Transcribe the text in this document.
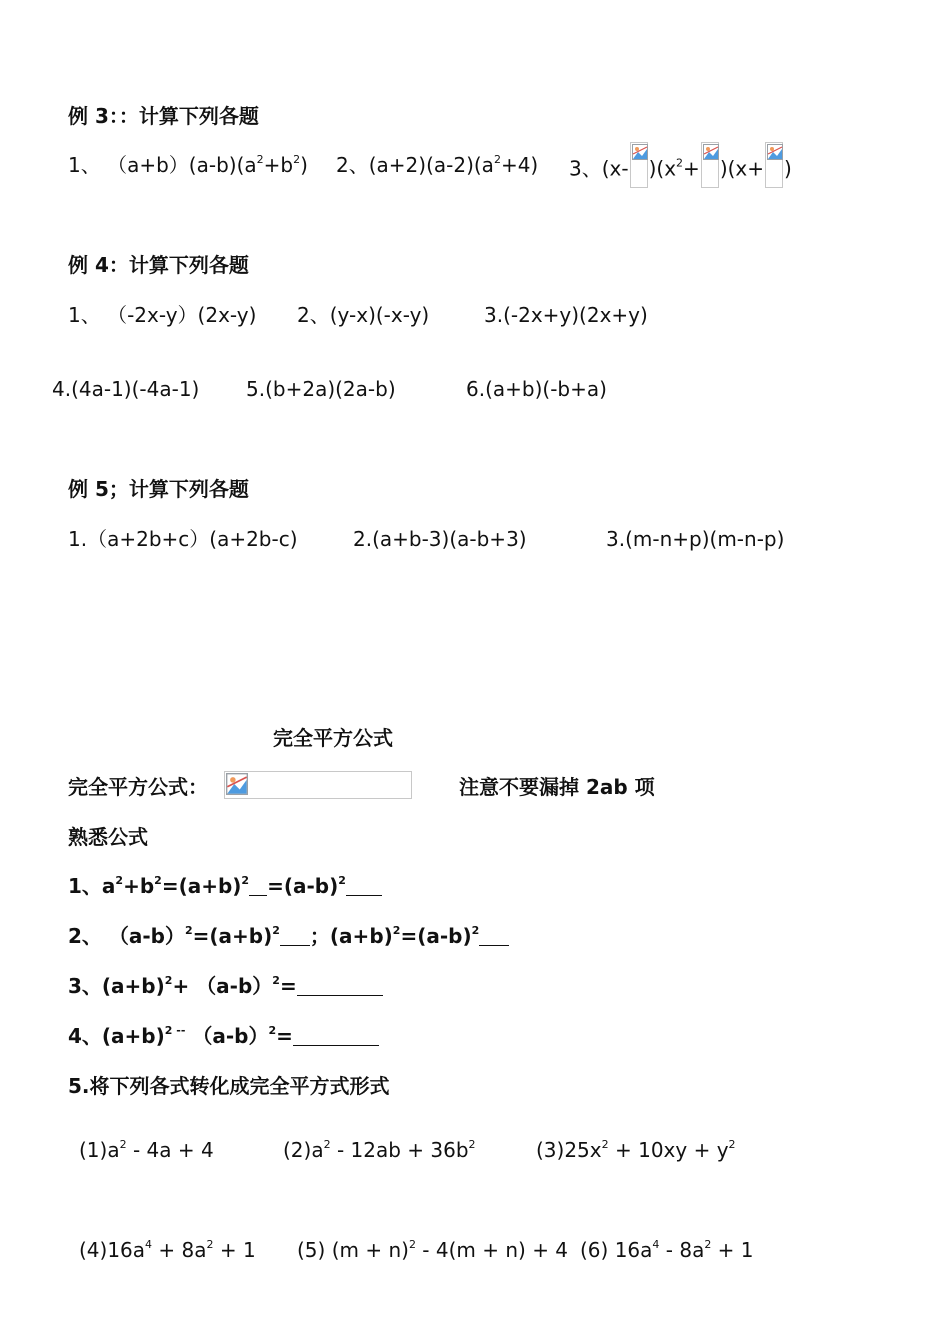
例 3：：计算下列各题
1、 $(a+b)(a-b)(a^2+b^2)$ 2、$(a+2)(a-2)(a^2+4)$ 3、(x- )$(x^2+ )(x+$ )
例 4：计算下列各题
1、 （-2x-y）(2x-y) 2、(y-x)(-x-y)	3.(-2x+y)(2x+y)
4.(4a-1)(-4a-1) 5.(b+2a)(2a-b)	6.(a+b)(-b+a)
例 5；计算下列各题
1.（a+2b+c）(a+2b-c)	2.(a+b-3)(a-b+3)	3.(m-n+p)(m-n-p)
完全平方公式
完全平方公式：	注意不要漏掉 2ab 项
熟悉公式
1、$a^2+b^2=(a+b)^2 =(a-b)^2$
2、 $(a-b)^2=(a+b)^2$ ；$(a+b)^2=(a-b)^2$
3、$(a+b)^2+ (a-b)^2=$
4、$(a+b)^{2 --}$ $(a-b)^2=$
5.将下列各式转化成完全平方式形式
$(1)a^2 - 4a + 4$	$(2)a^2 - 12ab + 36b^2$	$(3)25x^2 + 10xy + y^2$
$(4)16a^4 + 8a^2 + 1$ (5) $(m + n)^2 - 4(m + n) + 4$ (6) $16a^4 - 8a^2 + 1$
